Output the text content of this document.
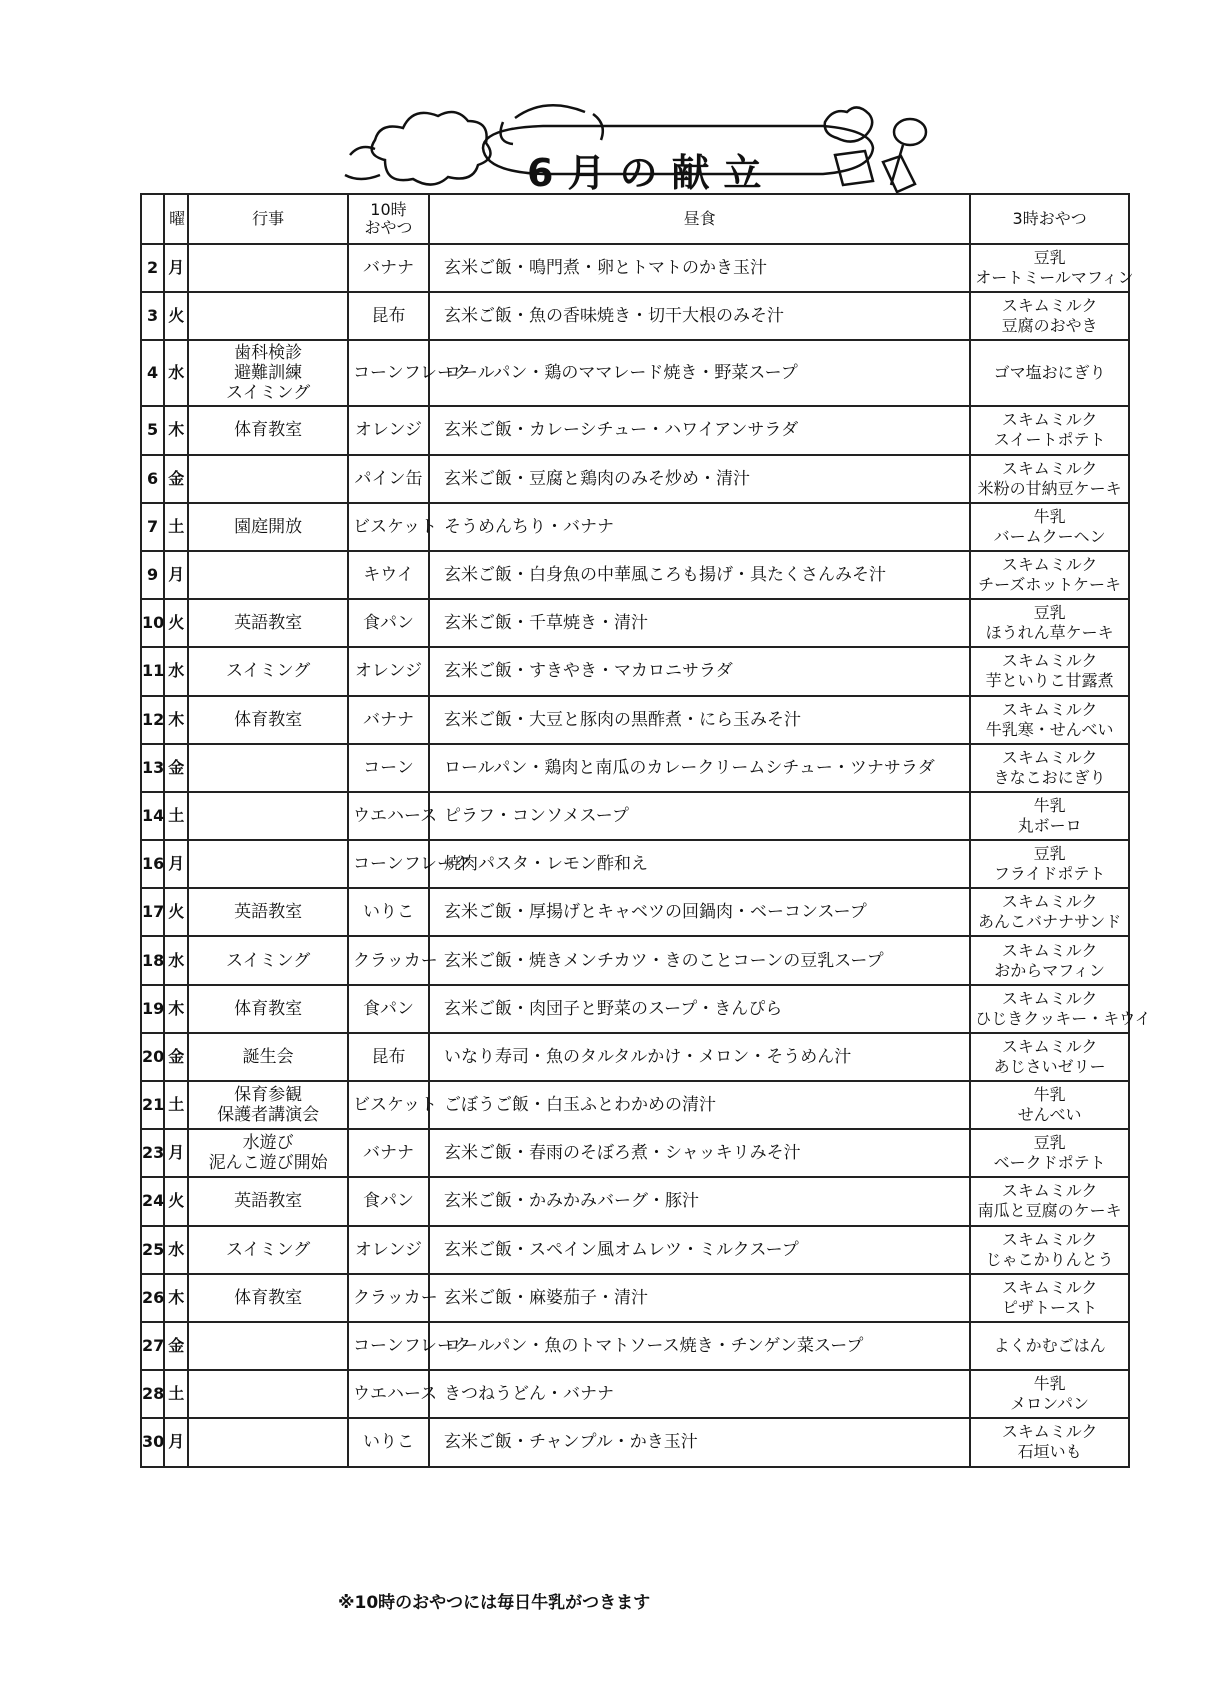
6月の献立
	曜	行事	10時
おやつ	昼食	3時おやつ

2	月		バナナ	玄米ご飯・鳴門煮・卵とトマトのかき玉汁	豆乳
オートミールマフィン

3	火		昆布	玄米ご飯・魚の香味焼き・切干大根のみそ汁	スキムミルク
豆腐のおやき

4	水	歯科検診
避難訓練
スイミング	コーンフレーク	ロールパン・鶏のママレード焼き・野菜スープ	ゴマ塩おにぎり

5	木	体育教室	オレンジ	玄米ご飯・カレーシチュー・ハワイアンサラダ	スキムミルク
スイートポテト

6	金		パイン缶	玄米ご飯・豆腐と鶏肉のみそ炒め・清汁	スキムミルク
米粉の甘納豆ケーキ

7	土	園庭開放	ビスケット	そうめんちり・バナナ	牛乳
バームクーヘン

9	月		キウイ	玄米ご飯・白身魚の中華風ころも揚げ・具たくさんみそ汁	スキムミルク
チーズホットケーキ

10	火	英語教室	食パン	玄米ご飯・千草焼き・清汁	豆乳
ほうれん草ケーキ

11	水	スイミング	オレンジ	玄米ご飯・すきやき・マカロニサラダ	スキムミルク
芋といりこ甘露煮

12	木	体育教室	バナナ	玄米ご飯・大豆と豚肉の黒酢煮・にら玉みそ汁	スキムミルク
牛乳寒・せんべい

13	金		コーン	ロールパン・鶏肉と南瓜のカレークリームシチュー・ツナサラダ	スキムミルク
きなこおにぎり

14	土		ウエハース	ピラフ・コンソメスープ	牛乳
丸ボーロ

16	月		コーンフレーク	焼肉パスタ・レモン酢和え	豆乳
フライドポテト

17	火	英語教室	いりこ	玄米ご飯・厚揚げとキャベツの回鍋肉・ベーコンスープ	スキムミルク
あんこバナナサンド

18	水	スイミング	クラッカー	玄米ご飯・焼きメンチカツ・きのことコーンの豆乳スープ	スキムミルク
おからマフィン

19	木	体育教室	食パン	玄米ご飯・肉団子と野菜のスープ・きんぴら	スキムミルク
ひじきクッキー・キウイ

20	金	誕生会	昆布	いなり寿司・魚のタルタルかけ・メロン・そうめん汁	スキムミルク
あじさいゼリー

21	土	保育参観
保護者講演会	ビスケット	ごぼうご飯・白玉ふとわかめの清汁	牛乳
せんべい

23	月	水遊び
泥んこ遊び開始	バナナ	玄米ご飯・春雨のそぼろ煮・シャッキリみそ汁	豆乳
ベークドポテト

24	火	英語教室	食パン	玄米ご飯・かみかみバーグ・豚汁	スキムミルク
南瓜と豆腐のケーキ

25	水	スイミング	オレンジ	玄米ご飯・スペイン風オムレツ・ミルクスープ	スキムミルク
じゃこかりんとう

26	木	体育教室	クラッカー	玄米ご飯・麻婆茄子・清汁	スキムミルク
ピザトースト

27	金		コーンフレーク	ロールパン・魚のトマトソース焼き・チンゲン菜スープ	よくかむごはん

28	土		ウエハース	きつねうどん・バナナ	牛乳
メロンパン

30	月		いりこ	玄米ご飯・チャンプル・かき玉汁	スキムミルク
石垣いも
※10時のおやつには毎日牛乳がつきます
